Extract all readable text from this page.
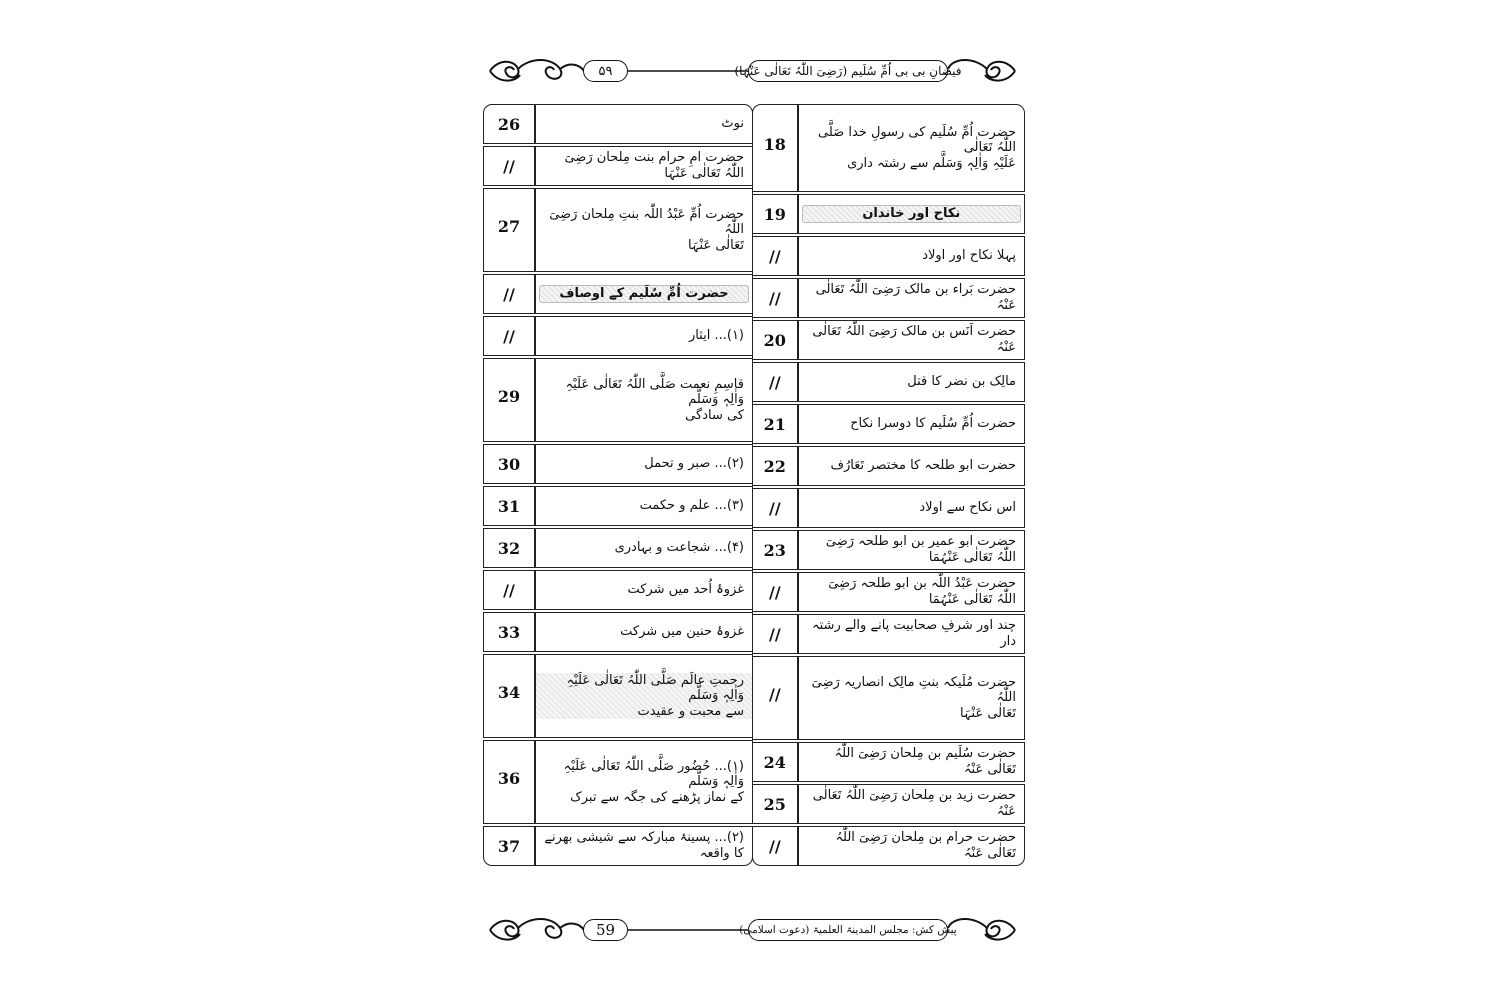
فیضانِ بی بی اُمِّ سُلَیم (رَضِیَ اللّٰہُ تَعَالٰی عَنْہَا)
۵۹
18	حضرت اُمِّ سُلَیم کی رسولِ خدا صَلَّی اللّٰہُ تَعَالٰی
عَلَیْہِ وَاٰلِہٖ وَسَلَّم سے رشتہ داری

19	نکاح اور خاندان

//	پہلا نکاح اور اولاد

//	حضرت بَراء بن مالک رَضِیَ اللّٰہُ تَعَالٰی عَنْہُ

20	حضرت اَنَس بن مالک رَضِیَ اللّٰہُ تَعَالٰی عَنْہُ

//	مالِک بن نضر کا قتل

21	حضرت اُمِّ سُلَیم کا دوسرا نکاح

22	حضرت ابو طلحہ کا مختصر تَعَارُف

//	اس نکاح سے اولاد

23	حضرت ابو عمیر بن ابو طلحہ رَضِیَ اللّٰہُ تَعَالٰی عَنْہُمَا

//	حضرت عَبْدُ اللّٰہ بن ابو طلحہ رَضِیَ اللّٰہُ تَعَالٰی عَنْہُمَا

//	چند اور شرفِ صحابیت پانے والے رشتہ دار

//	حضرت مُلَیکہ بنتِ مالِک انصاریہ رَضِیَ اللّٰہُ
تَعَالٰی عَنْہَا

24	حضرت سُلَیم بن مِلحان رَضِیَ اللّٰہُ تَعَالٰی عَنْہُ

25	حضرت زید بن مِلحان رَضِیَ اللّٰہُ تَعَالٰی عَنْہُ

//	حضرت حرام بن مِلحان رَضِیَ اللّٰہُ تَعَالٰی عَنْہُ
26	نوٹ

//	حضرت امِ حرام بنت مِلحان رَضِیَ اللّٰہُ تَعَالٰی عَنْہَا

27	حضرت اُمِّ عَبْدُ اللّٰہ بنتِ مِلحان رَضِیَ اللّٰہُ
تَعَالٰی عَنْہَا

//	حضرت اُمِّ سُلَیم کے اوصاف

//	(۱)... ایثار

29	قاسِمِ نعمت صَلَّی اللّٰہُ تَعَالٰی عَلَیْہِ وَاٰلِہٖ وَسَلَّم
کی سادگی

30	(۲)... صبر و تحمل

31	(۳)... علم و حکمت

32	(۴)... شجاعت و بہادری

//	غزوۂ اُحد میں شرکت

33	غزوۂ حنین میں شرکت

34	رحمتِ عالَم صَلَّی اللّٰہُ تَعَالٰی عَلَیْہِ وَاٰلِہٖ وَسَلَّم
سے محبت و عقیدت

36	(۱)... حُضُور صَلَّی اللّٰہُ تَعَالٰی عَلَیْہِ وَاٰلِہٖ وَسَلَّم
کے نماز پڑھنے کی جگہ سے تبرک

37	(۲)... پسینۂ مبارکہ سے شیشی بھرنے کا واقعہ
پیش کش: مجلس المدینۃ العلمیۃ (دعوت اسلامی)
59
